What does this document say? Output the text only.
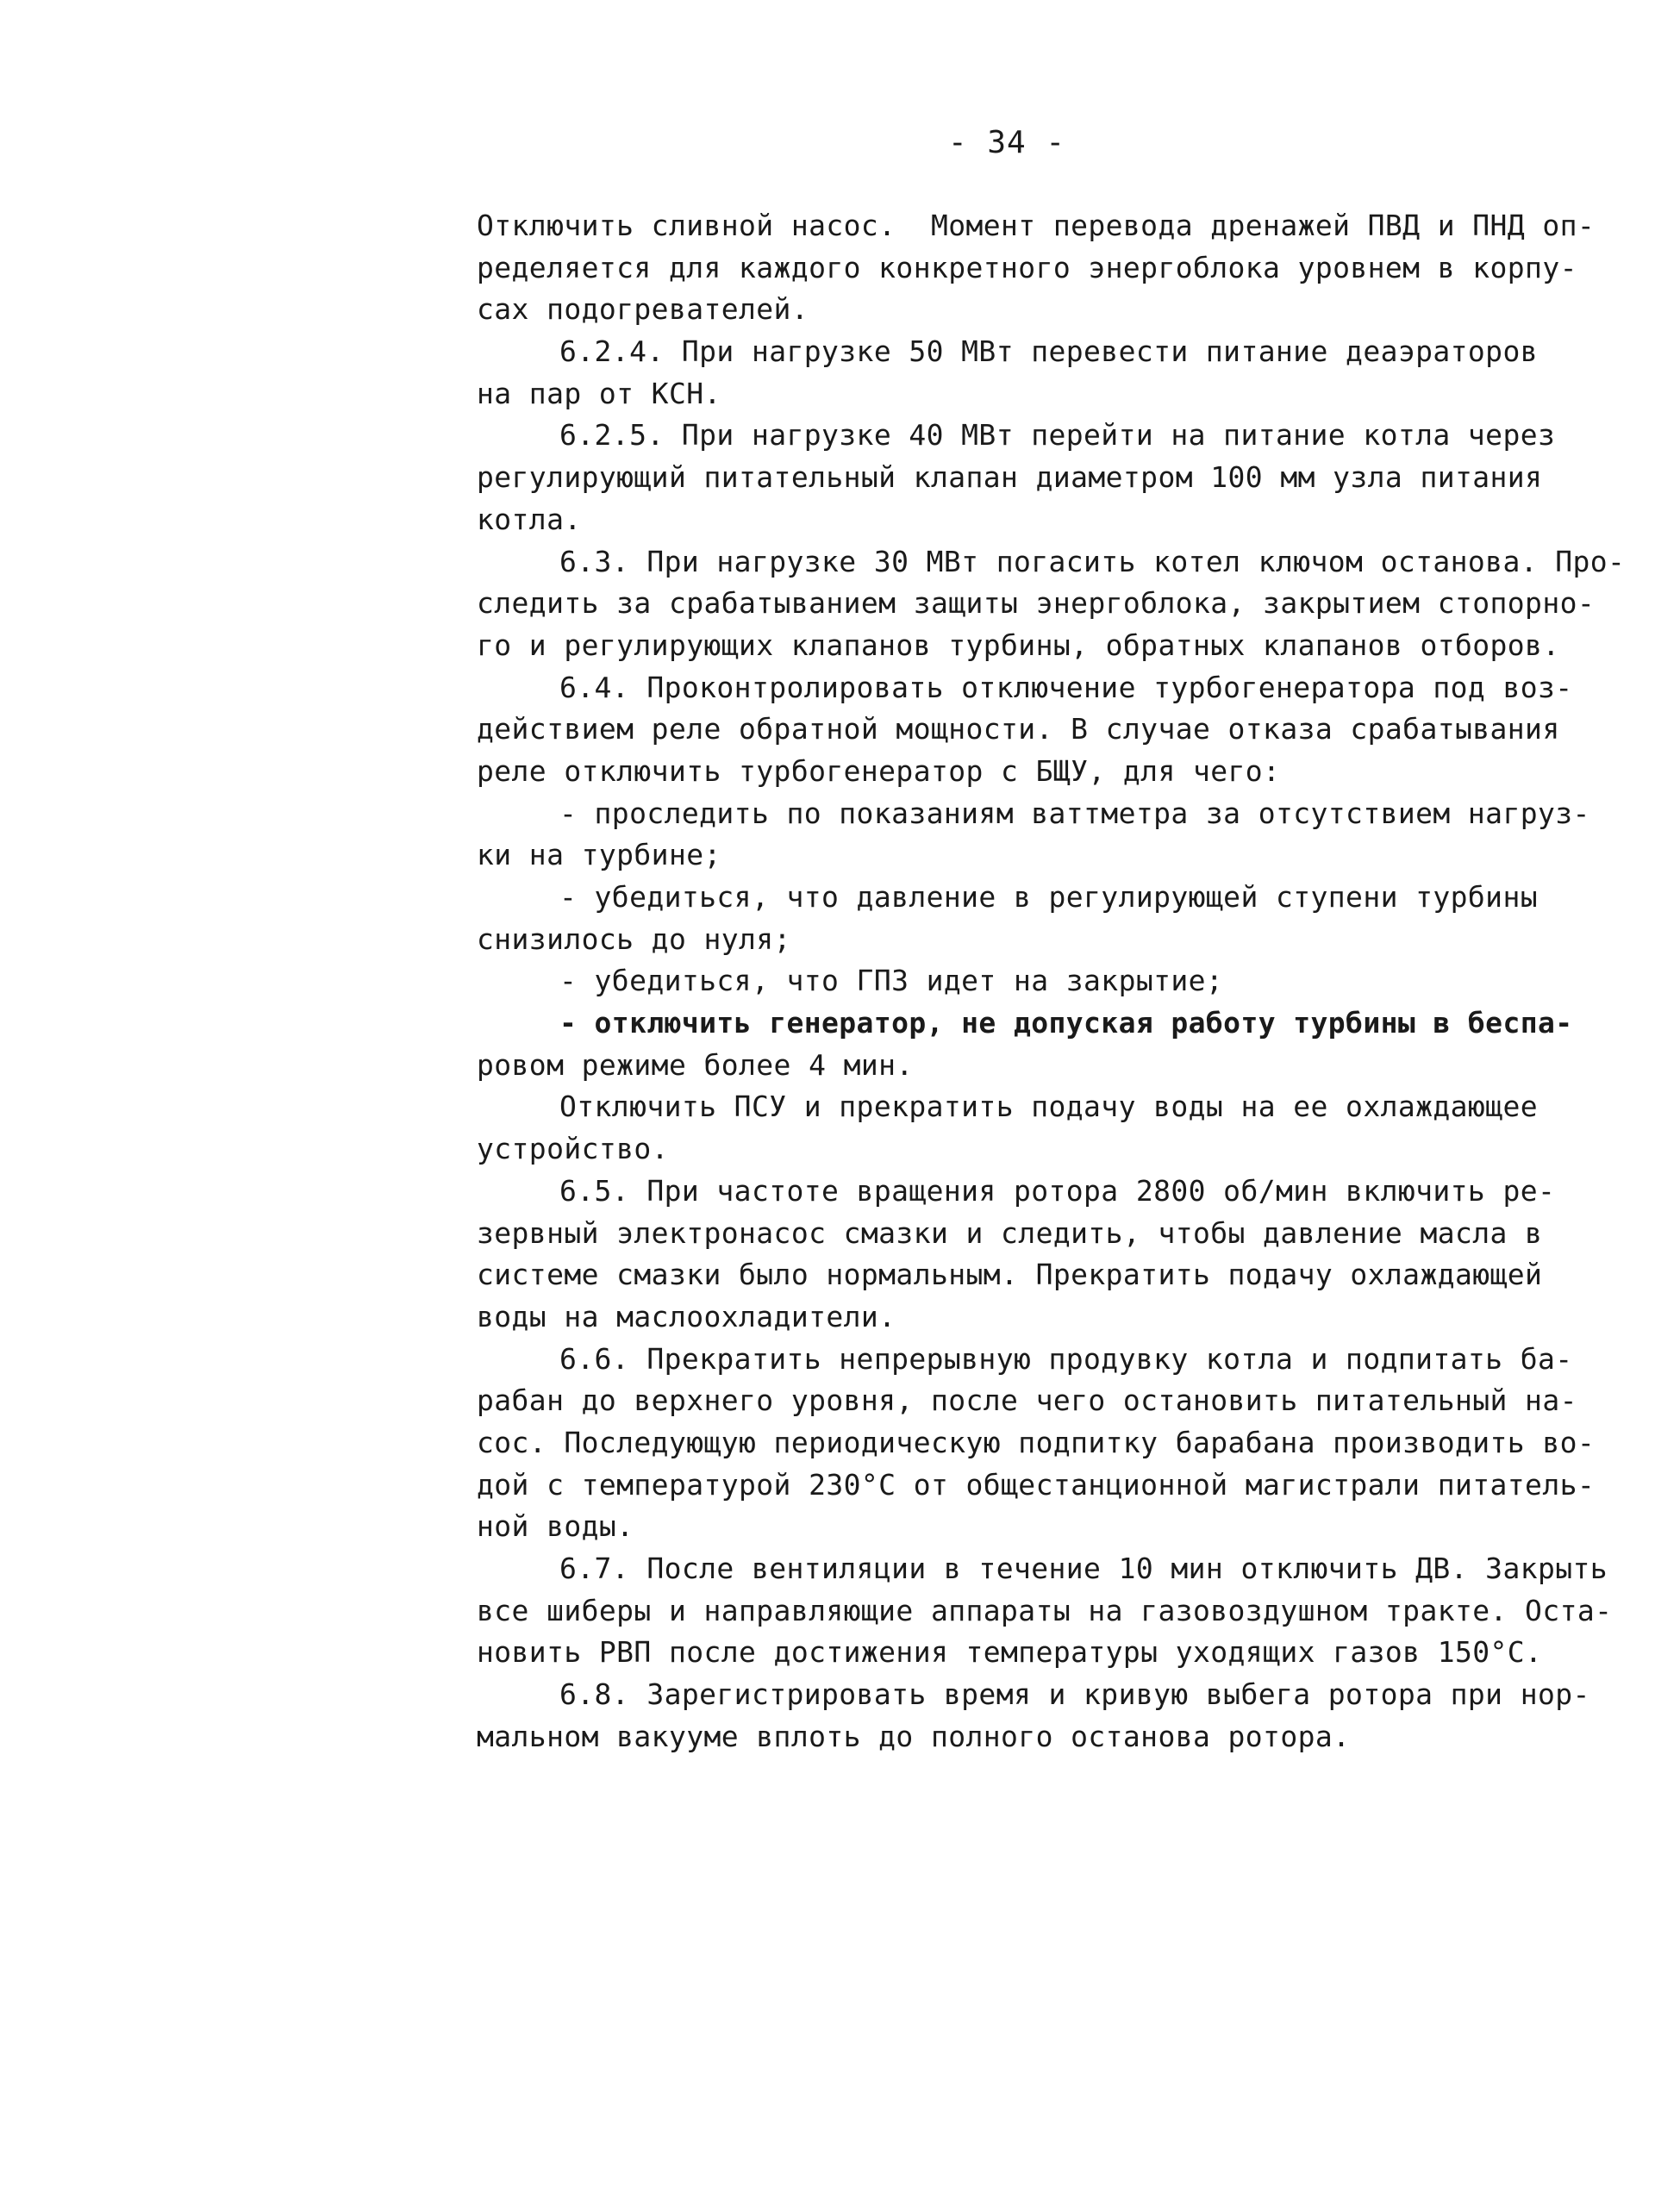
- 34 -
Отключить сливной насос.  Момент перевода дренажей ПВД и ПНД оп-
ределяется для каждого конкретного энергоблока уровнем в корпу-
сах подогревателей.
6.2.4. При нагрузке 50 МВт перевести питание деаэраторов
на пар от КСН.
6.2.5. При нагрузке 40 МВт перейти на питание котла через
регулирующий питательный клапан диаметром 100 мм узла питания
котла.
6.3. При нагрузке 30 МВт погасить котел ключом останова. Про-
следить за срабатыванием защиты энергоблока, закрытием стопорно-
го и регулирующих клапанов турбины, обратных клапанов отборов.
6.4. Проконтролировать отключение турбогенератора под воз-
действием реле обратной мощности. В случае отказа срабатывания
реле отключить турбогенератор с БЩУ, для чего:
- проследить по показаниям ваттметра за отсутствием нагруз-
ки на турбине;
- убедиться, что давление в регулирующей ступени турбины
снизилось до нуля;
- убедиться, что ГПЗ идет на закрытие;
- отключить генератор, не допуская работу турбины в беспа-
ровом режиме более 4 мин.
Отключить ПСУ и прекратить подачу воды на ее охлаждающее
устройство.
6.5. При частоте вращения ротора 2800 об/мин включить ре-
зервный электронасос смазки и следить, чтобы давление масла в
системе смазки было нормальным. Прекратить подачу охлаждающей
воды на маслоохладители.
6.6. Прекратить непрерывную продувку котла и подпитать ба-
рабан до верхнего уровня, после чего остановить питательный на-
сос. Последующую периодическую подпитку барабана производить во-
дой с температурой 230°С от общестанционной магистрали питатель-
ной воды.
6.7. После вентиляции в течение 10 мин отключить ДВ. Закрыть
все шиберы и направляющие аппараты на газовоздушном тракте. Оста-
новить РВП после достижения температуры уходящих газов 150°С.
6.8. Зарегистрировать время и кривую выбега ротора при нор-
мальном вакууме вплоть до полного останова ротора.
